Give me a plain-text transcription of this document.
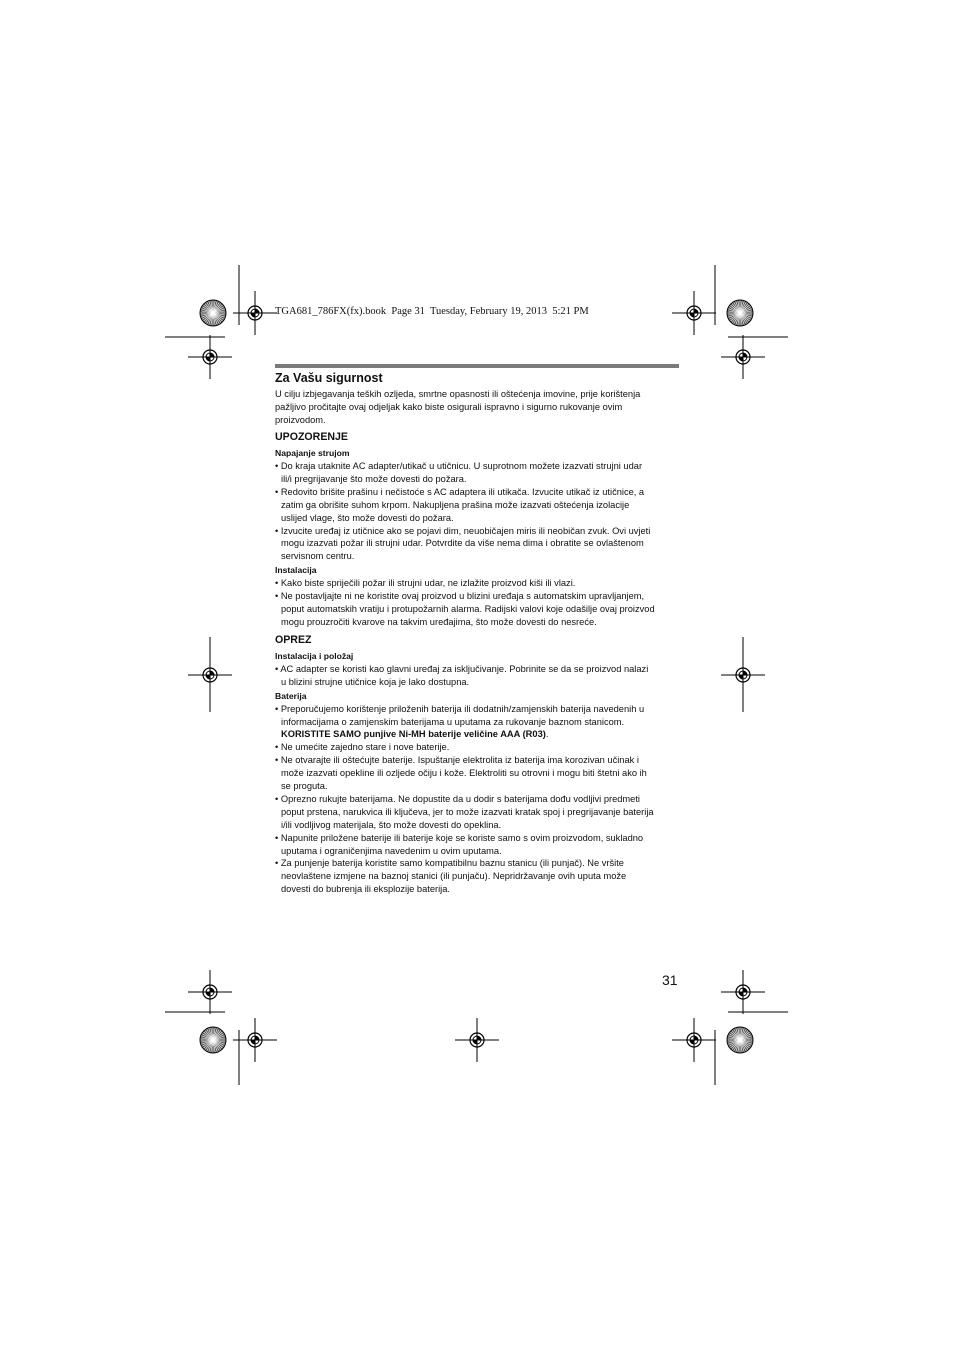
TGA681_786FX(fx).book  Page 31  Tuesday, February 19, 2013  5:21 PM
Za Vašu sigurnost
U cilju izbjegavanja teških ozljeda, smrtne opasnosti ili oštećenja imovine, prije korištenja
pažljivo pročitajte ovaj odjeljak kako biste osigurali ispravno i sigurno rukovanje ovim
proizvodom.
UPOZORENJE
Napajanje strujom
• Do kraja utaknite AC adapter/utikač u utičnicu. U suprotnom možete izazvati strujni udar
ili/i pregrijavanje što može dovesti do požara.
• Redovito brišite prašinu i nečistoće s AC adaptera ili utikača. Izvucite utikač iz utičnice, a
zatim ga obrišite suhom krpom. Nakupljena prašina može izazvati oštećenja izolacije
uslijed vlage, što može dovesti do požara.
• Izvucite uređaj iz utičnice ako se pojavi dim, neuobičajen miris ili neobičan zvuk. Ovi uvjeti
mogu izazvati požar ili strujni udar. Potvrdite da više nema dima i obratite se ovlaštenom
servisnom centru.
Instalacija
• Kako biste spriječili požar ili strujni udar, ne izlažite proizvod kiši ili vlazi.
• Ne postavljajte ni ne koristite ovaj proizvod u blizini uređaja s automatskim upravljanjem,
poput automatskih vratiju i protupožarnih alarma. Radijski valovi koje odašilje ovaj proizvod
mogu prouzročiti kvarove na takvim uređajima, što može dovesti do nesreće.
OPREZ
Instalacija i položaj
• AC adapter se koristi kao glavni uređaj za isključivanje. Pobrinite se da se proizvod nalazi
u blizini strujne utičnice koja je lako dostupna.
Baterija
• Preporučujemo korištenje priloženih baterija ili dodatnih/zamjenskih baterija navedenih u
informacijama o zamjenskim baterijama u uputama za rukovanje baznom stanicom.
KORISTITE SAMO punjive Ni-MH baterije veličine AAA (R03).
• Ne umećite zajedno stare i nove baterije.
• Ne otvarajte ili oštećujte baterije. Ispuštanje elektrolita iz baterija ima korozivan učinak i
može izazvati opekline ili ozljede očiju i kože. Elektroliti su otrovni i mogu biti štetni ako ih
se proguta.
• Oprezno rukujte baterijama. Ne dopustite da u dodir s baterijama dođu vodljivi predmeti
poput prstena, narukvica ili ključeva, jer to može izazvati kratak spoj i pregrijavanje baterija
i/ili vodljivog materijala, što može dovesti do opeklina.
• Napunite priložene baterije ili baterije koje se koriste samo s ovim proizvodom, sukladno
uputama i ograničenjima navedenim u ovim uputama.
• Za punjenje baterija koristite samo kompatibilnu baznu stanicu (ili punjač). Ne vršite
neovlaštene izmjene na baznoj stanici (ili punjaču). Nepridržavanje ovih uputa može
dovesti do bubrenja ili eksplozije baterija.
31
